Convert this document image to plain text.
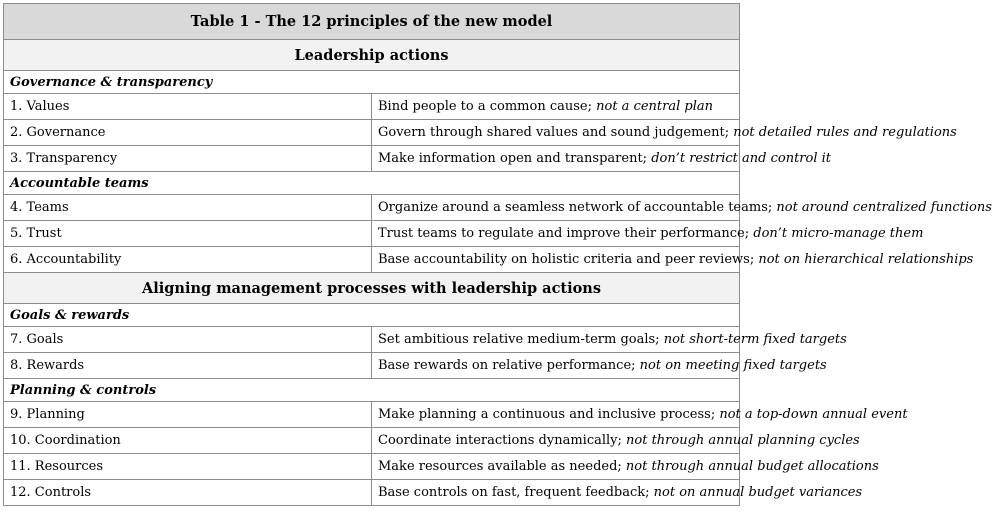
Table 1 - The 12 principles of the new model	
Leadership actions	
Governance & transparency	
1. Values	Bind people to a common cause; not a central plan
2. Governance	Govern through shared values and sound judgement; not detailed rules and regulations
3. Transparency	Make information open and transparent; don’t restrict and control it
Accountable teams	
4. Teams	Organize around a seamless network of accountable teams; not around centralized functions
5. Trust	Trust teams to regulate and improve their performance; don’t micro-manage them
6. Accountability	Base accountability on holistic criteria and peer reviews; not on hierarchical relationships
Aligning management processes with leadership actions	
Goals & rewards	
7. Goals	Set ambitious relative medium-term goals; not short-term fixed targets
8. Rewards	Base rewards on relative performance; not on meeting fixed targets
Planning & controls	
9. Planning	Make planning a continuous and inclusive process; not a top-down annual event
10. Coordination	Coordinate interactions dynamically; not through annual planning cycles
11. Resources	Make resources available as needed; not through annual budget allocations
12. Controls	Base controls on fast, frequent feedback; not on annual budget variances
